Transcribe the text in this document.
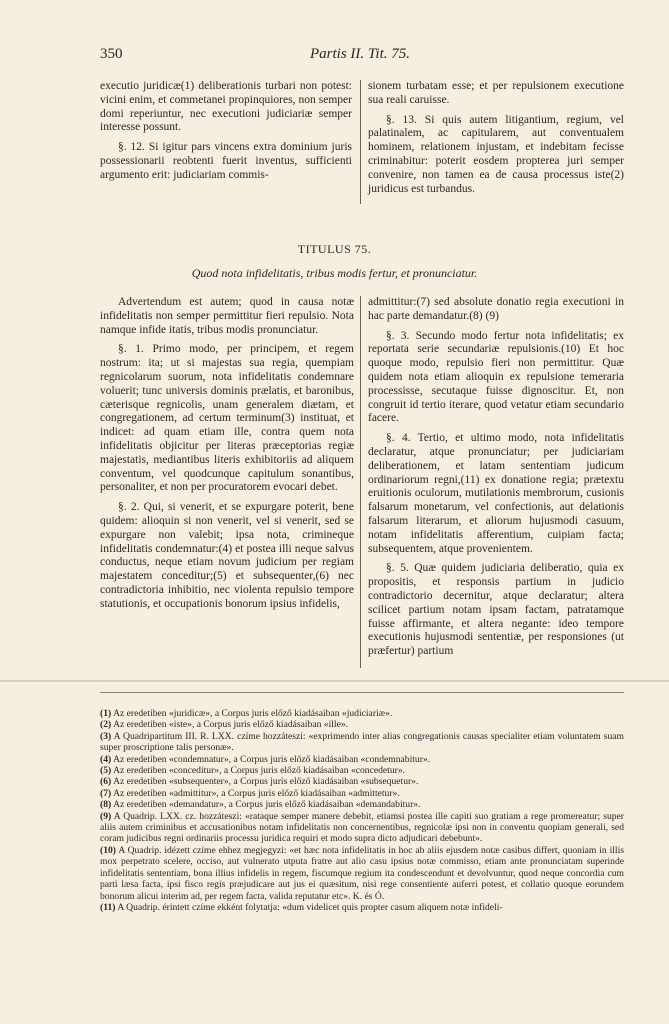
350	Partis II. Tit. 75.

executio juridicæ(1) deliberationis turbari non potest: vicini enim, et commetanei propinquiores, non semper domi reperiuntur, nec executioni judiciariæ semper interesse possunt.

§. 12. Si igitur pars vincens extra dominium juris possessionarii reobtenti fuerit inventus, sufficienti argumento erit: judiciariam commis-

sionem turbatam esse; et per repulsionem executione sua reali caruisse.

§. 13. Si quis autem litigantium, regium, vel palatinalem, ac capitularem, aut conventualem hominem, relationem injustam, et indebitam fecisse criminabitur: poterit eosdem propterea juri semper convenire, non tamen ea de causa processus iste(2) juridicus est turbandus.

TITULUS 75.
Quod nota infidelitatis, tribus modis fertur, et pronunciatur.

Advertendum est autem; quod in causa notæ infidelitatis non semper permittitur fieri repulsio. Nota namque infide itatis, tribus modis pronunciatur.

§. 1. Primo modo, per principem, et regem nostrum: ita; ut si majestas sua regia, quempiam regnicolarum suorum, nota infidelitatis condemnare voluerit; tunc universis dominis prælatis, et baronibus, cæterisque regnicolis, unam generalem diætam, et congregationem, ad certum terminum(3) instituat, et indicet: ad quam etiam ille, contra quem nota infidelitatis objicitur per literas præceptorias regiæ majestatis, mediantibus literis exhibitoriis ad aliquem conventum, vel quodcunque capitulum sonantibus, personaliter, et non per procuratorem evocari debet.

§. 2. Qui, si venerit, et se expurgare poterit, bene quidem: alioquin si non venerit, vel si venerit, sed se expurgare non valebit; ipsa nota, crimineque infidelitatis condemnatur:(4) et postea illi neque salvus conductus, neque etiam novum judicium per regiam majestatem conceditur;(5) et subsequenter,(6) nec contradictoria inhibitio, nec violenta repulsio tempore statutionis, et occupationis bonorum ipsius infidelis,

admittitur:(7) sed absolute donatio regia executioni in hac parte demandatur.(8) (9)

§. 3. Secundo modo fertur nota infidelitatis; ex reportata serie secundariæ repulsionis.(10) Et hoc quoque modo, repulsio fieri non permittitur. Quæ quidem nota etiam alioquin ex repulsione temeraria processisse, secutaque fuisse dignoscitur. Et, non congruit id tertio iterare, quod vetatur etiam secundario facere.

§. 4. Tertio, et ultimo modo, nota infidelitatis declaratur, atque pronunciatur; per judiciariam deliberationem, et latam sententiam judicum ordinariorum regni,(11) ex donatione regia; prætextu eruitionis oculorum, mutilationis membrorum, cusionis falsarum monetarum, vel confectionis, aut delationis falsarum literarum, et aliorum hujusmodi casuum, notam infidelitatis afferentium, cuipiam facta; subsequentem, atque provenientem.

§. 5. Quæ quidem judiciaria deliberatio, quia ex propositis, et responsis partium in judicio contradictorio decernitur, atque declaratur; altera scilicet partium notam ipsam factam, patratamque fuisse affirmante, et altera negante: ideo tempore executionis hujusmodi sententiæ, per responsiones (ut præfertur) partium

(1) Az eredetiben «juridicæ», a Corpus juris előző kiadásaiban «judiciariæ».

(2) Az eredetiben «iste», a Corpus juris előző kiadásaiban «ille».

(3) A Quadripartitum III. R. LXX. czíme hozzáteszi: «exprimendo inter alias congregationis causas specialiter etiam voluntatem suam super proscriptione talis personæ».

(4) Az eredetiben «condemnatur», a Corpus juris előző kiadásaiban «condemnabitur».

(5) Az eredetiben «conceditur», a Corpus juris előző kiadásaiban «concedetur».

(6) Az eredetiben «subsequenter», a Corpus juris előző kiadásaiban «subsequetur».

(7) Az eredetiben «admittitur», a Corpus juris előző kiadásaiban «admittetur».

(8) Az eredetiben «demandatur», a Corpus juris előző kiadásaiban «demandabitur».

(9) A Quadrip. LXX. cz. hozzáteszi: «rataque semper manere debebit, etiamsi postea ille capiti suo gratiam a rege promereatur; super aliis autem criminibus et accusationibus notam infidelitatis non concernentibus, regnicolæ ipsi non in conventu quopiam generali, sed coram judicibus regni ordinariis processu juridica requiri et modo supra dicto adjudicari debebunt».

(10) A Quadrip. idézett czíme ehhez megjegyzi: «et hæc nota infidelitatis in hoc ab aliis ejusdem notæ casibus differt, quoniam in illis mox perpetrato scelere, occiso, aut vulnerato utputa fratre aut alio casu ipsius notæ commisso, etiam ante pronunciatam superinde infidelitatis sententiam, bona illius infidelis in regem, fiscumque regium ita condescendunt et devolvuntur, quod neque concordia cum parti læsa facta, ipsi fisco regis præjudicare aut jus ei quæsitum, nisi rege consentiente auferri potest, et collatio quoque eorundem bonorum alicui interim ad, per regem facta, valida reputatur etc». K. és Ó.

(11) A Quadrip. érintett czíme ekként folytatja: «dum videlicet quis propter casum aliquem notæ infideli-
